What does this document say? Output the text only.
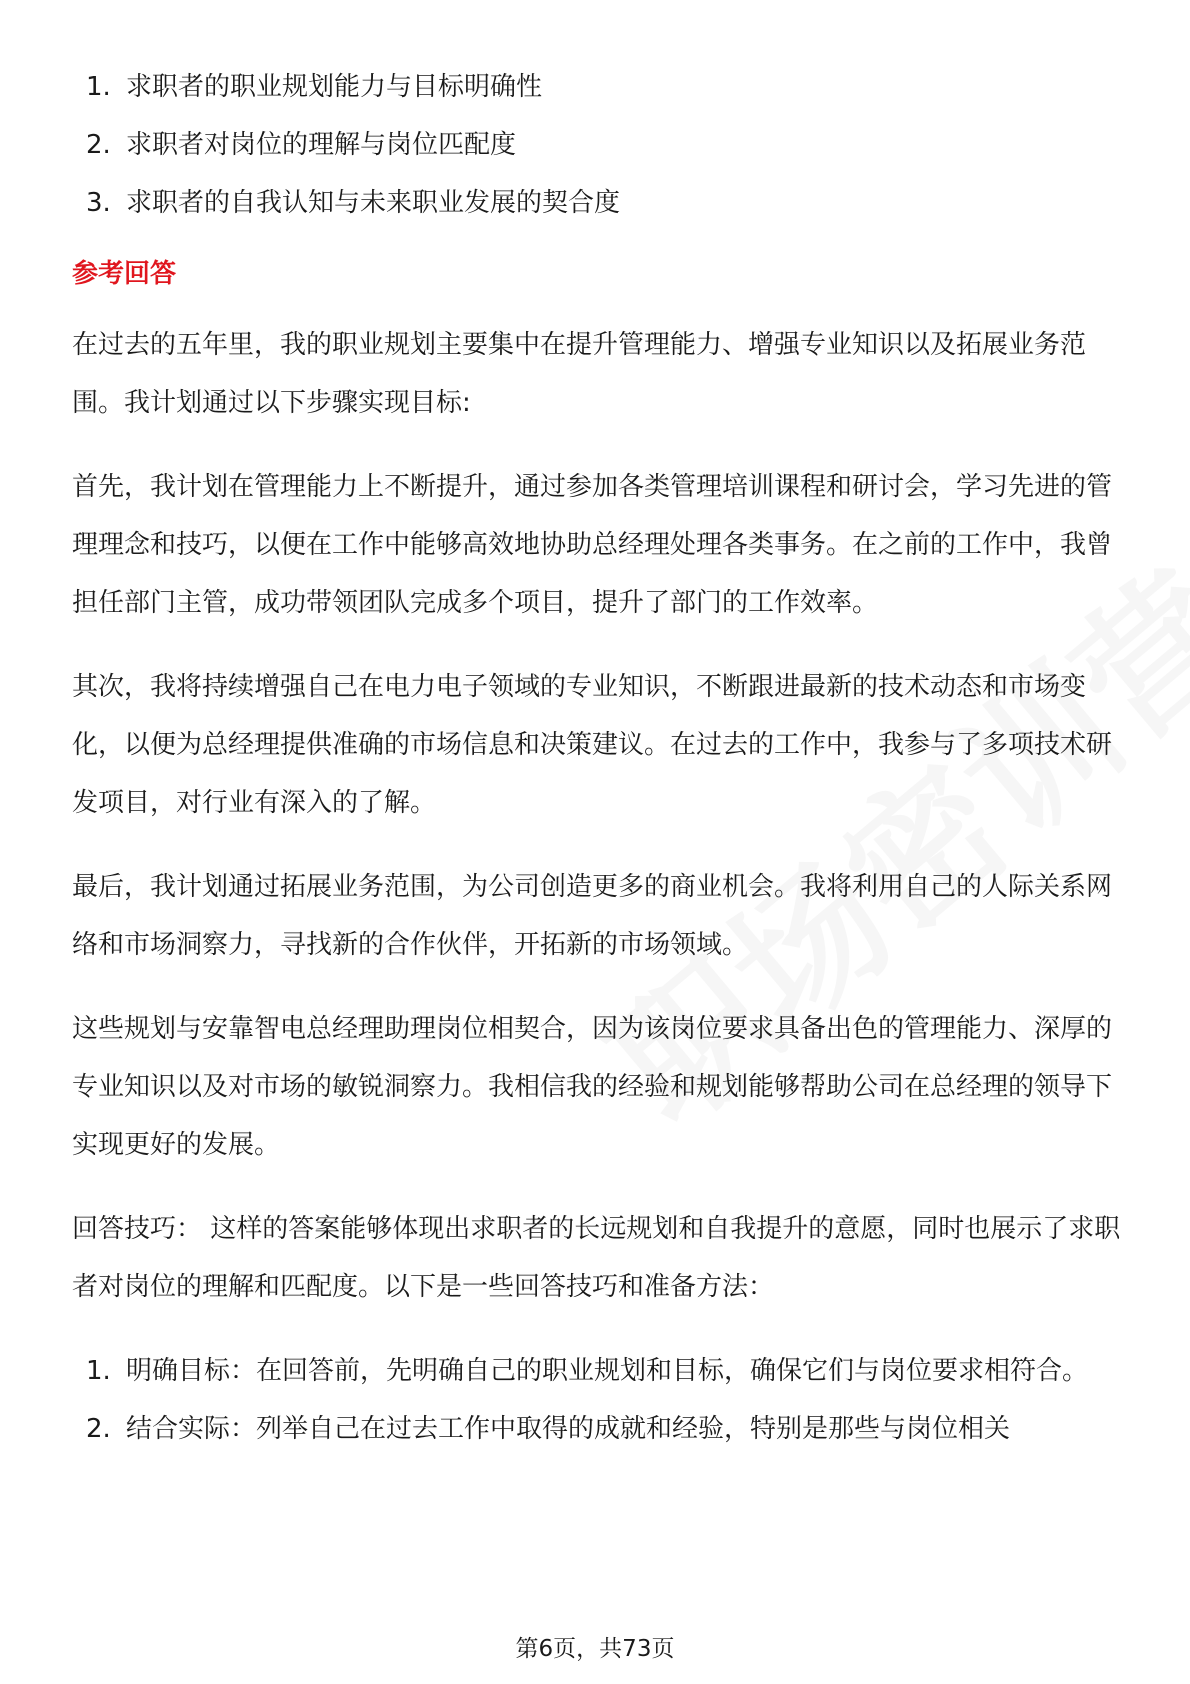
1. 求职者的职业规划能力与目标明确性
2. 求职者对岗位的理解与岗位匹配度
3. 求职者的自我认知与未来职业发展的契合度
参考回答

在过去的五年里，我的职业规划主要集中在提升管理能力、增强专业知识以及拓展业务范围。我计划通过以下步骤实现目标:

首先，我计划在管理能力上不断提升，通过参加各类管理培训课程和研讨会，学习先进的管理理念和技巧，以便在工作中能够高效地协助总经理处理各类事务。在之前的工作中，我曾担任部门主管，成功带领团队完成多个项目，提升了部门的工作效率。

其次，我将持续增强自己在电力电子领域的专业知识，不断跟进最新的技术动态和市场变化，以便为总经理提供准确的市场信息和决策建议。在过去的工作中，我参与了多项技术研发项目，对行业有深入的了解。

最后，我计划通过拓展业务范围，为公司创造更多的商业机会。我将利用自己的人际关系网络和市场洞察力，寻找新的合作伙伴，开拓新的市场领域。

这些规划与安靠智电总经理助理岗位相契合，因为该岗位要求具备出色的管理能力、深厚的专业知识以及对市场的敏锐洞察力。我相信我的经验和规划能够帮助公司在总经理的领导下实现更好的发展。

回答技巧： 这样的答案能够体现出求职者的长远规划和自我提升的意愿，同时也展示了求职者对岗位的理解和匹配度。以下是一些回答技巧和准备方法：

1. 明确目标：在回答前，先明确自己的职业规划和目标，确保它们与岗位要求相符合。
2. 结合实际：列举自己在过去工作中取得的成就和经验，特别是那些与岗位相关
第6页，共73页
